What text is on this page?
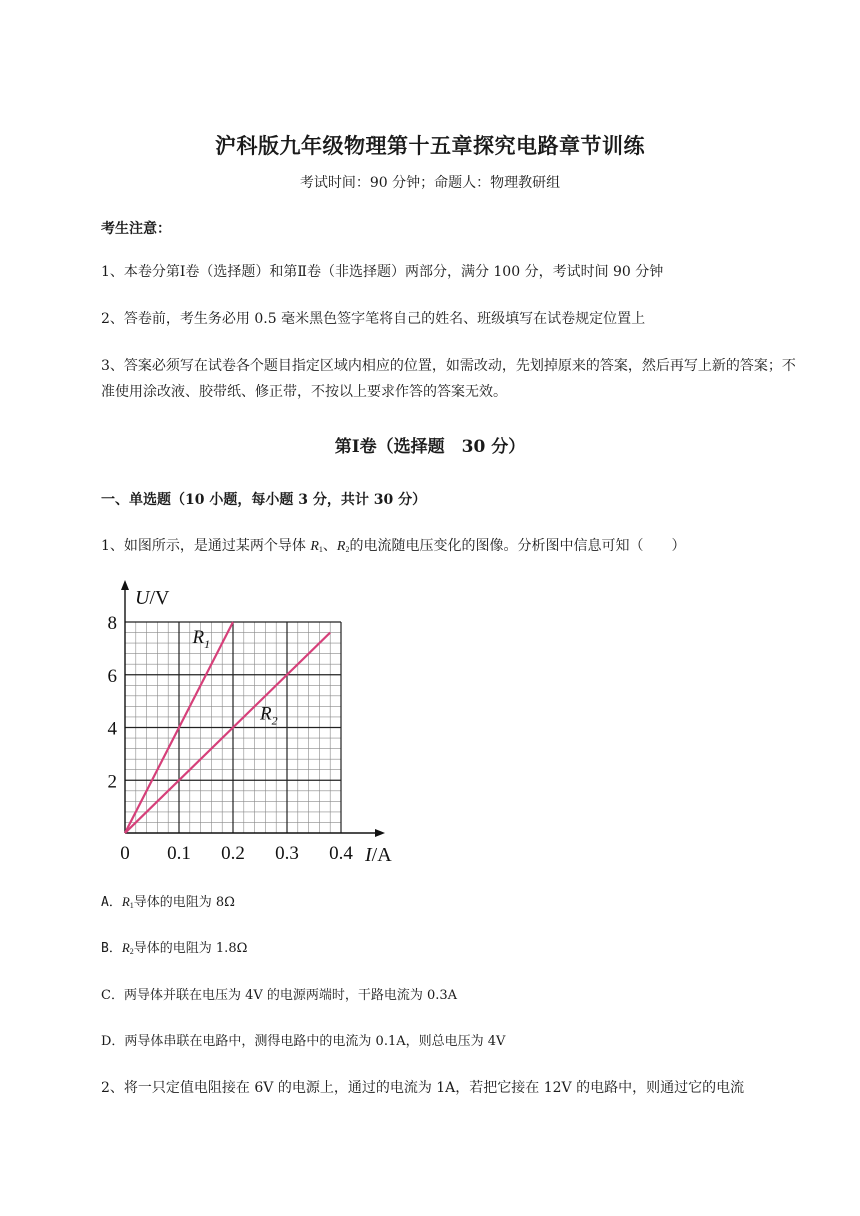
沪科版九年级物理第十五章探究电路章节训练
考试时间：90 分钟；命题人：物理教研组
考生注意：
1、本卷分第Ⅰ卷（选择题）和第Ⅱ卷（非选择题）两部分，满分 100 分，考试时间 90 分钟
2、答卷前，考生务必用 0.5 毫米黑色签字笔将自己的姓名、班级填写在试卷规定位置上
3、答案必须写在试卷各个题目指定区域内相应的位置，如需改动，先划掉原来的答案，然后再写上新的答案；不准使用涂改液、胶带纸、修正带，不按以上要求作答的答案无效。
第Ⅰ卷（选择题　30 分）
一、单选题（10 小题，每小题 3 分，共计 30 分）
1、如图所示，是通过某两个导体 $R_1$、$R_2$的电流随电压变化的图像。分析图中信息可知（　　）
0 0.1 0.2 0.3 0.4
2
4
6
8
U/V
I/A
$R_1$
$R_2$
A．$R_1$导体的电阻为 8Ω
B．$R_2$导体的电阻为 1.8Ω
C．两导体并联在电压为 4V 的电源两端时，干路电流为 0.3A
D．两导体串联在电路中，测得电路中的电流为 0.1A，则总电压为 4V
2、将一只定值电阻接在 6V 的电源上，通过的电流为 1A，若把它接在 12V 的电路中，则通过它的电流
